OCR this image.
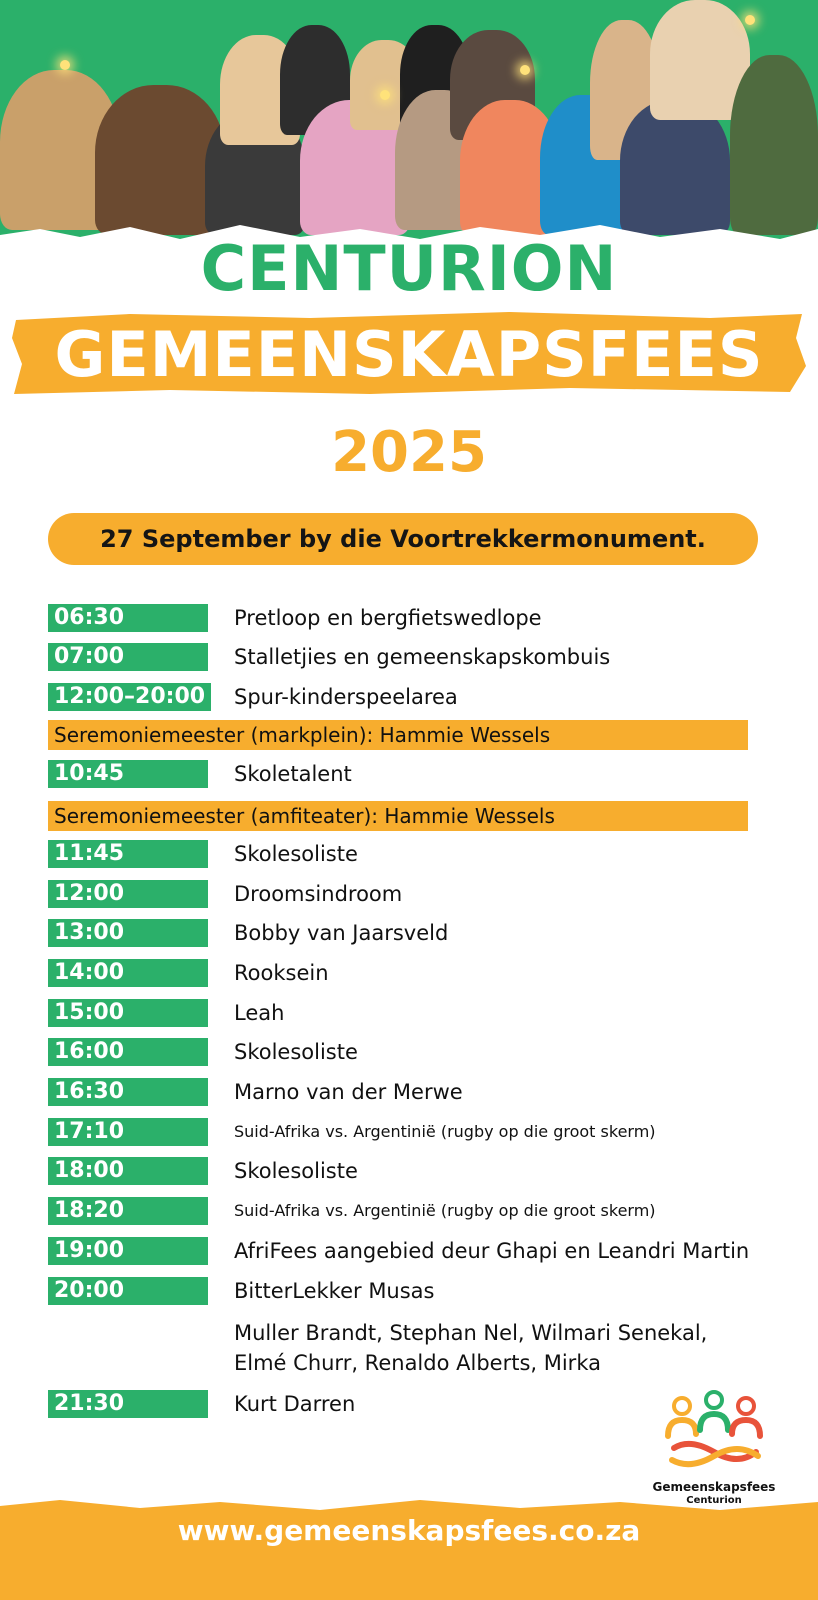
CENTURION
GEMEENSKAPSFEES
2025
27 September by die Voortrekkermonument.
06:30	Pretloop en bergfietswedlope
07:00	Stalletjies en gemeenskapskombuis
12:00–20:00 Spur-kinderspeelarea
Seremoniemeester (markplein): Hammie Wessels
10:45	Skoletalent
Seremoniemeester (amfiteater): Hammie Wessels
11:45	Skolesoliste
12:00	Droomsindroom
13:00	Bobby van Jaarsveld
14:00	Rooksein
15:00	Leah
16:00	Skolesoliste
16:30	Marno van der Merwe
17:10	Suid-Afrika vs. Argentinië (rugby op die groot skerm)
18:00	Skolesoliste
18:20	Suid-Afrika vs. Argentinië (rugby op die groot skerm)
19:00	AfriFees aangebied deur Ghapi en Leandri Martin
20:00	BitterLekker Musas
Muller Brandt, Stephan Nel, Wilmari Senekal,
Elmé Churr, Renaldo Alberts, Mirka
21:30	Kurt Darren
Gemeenskapsfees
Centurion
www.gemeenskapsfees.co.za
